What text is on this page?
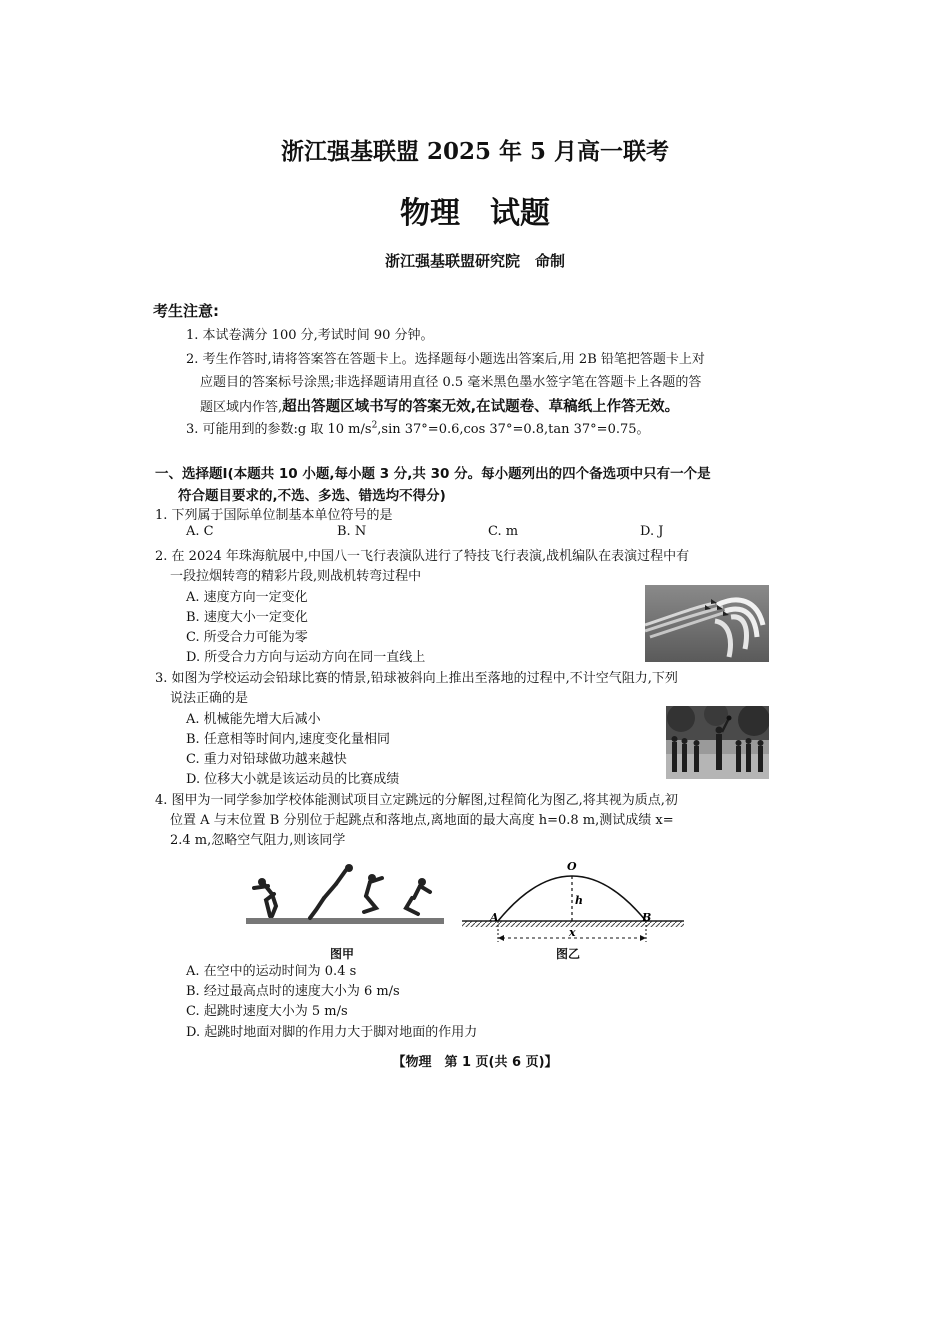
浙江强基联盟 2025 年 5 月高一联考
物理　试题
浙江强基联盟研究院　命制
考生注意:
1. 本试卷满分 100 分,考试时间 90 分钟。
2. 考生作答时,请将答案答在答题卡上。选择题每小题选出答案后,用 2B 铅笔把答题卡上对
应题目的答案标号涂黑;非选择题请用直径 0.5 毫米黑色墨水签字笔在答题卡上各题的答
题区域内作答,超出答题区域书写的答案无效,在试题卷、草稿纸上作答无效。
3. 可能用到的参数:g 取 10 $m/s^2,\sin$ 37°=0.6,cos 37°=0.8,tan 37°=0.75。
一、选择题Ⅰ(本题共 10 小题,每小题 3 分,共 30 分。每小题列出的四个备选项中只有一个是
符合题目要求的,不选、多选、错选均不得分)
1. 下列属于国际单位制基本单位符号的是
A. C	B. N	C. m	D. J
2. 在 2024 年珠海航展中,中国八一飞行表演队进行了特技飞行表演,战机编队在表演过程中有
一段拉烟转弯的精彩片段,则战机转弯过程中
A. 速度方向一定变化
B. 速度大小一定变化
C. 所受合力可能为零
D. 所受合力方向与运动方向在同一直线上
3. 如图为学校运动会铅球比赛的情景,铅球被斜向上推出至落地的过程中,不计空气阻力,下列
说法正确的是
A. 机械能先增大后减小
B. 任意相等时间内,速度变化量相同
C. 重力对铅球做功越来越快
D. 位移大小就是该运动员的比赛成绩
4. 图甲为一同学参加学校体能测试项目立定跳远的分解图,过程简化为图乙,将其视为质点,初
位置 A 与末位置 B 分别位于起跳点和落地点,离地面的最大高度 h=0.8 m,测试成绩 x=
2.4 m,忽略空气阻力,则该同学
图甲
O
h
A	B
x
图乙
A. 在空中的运动时间为 0.4 s
B. 经过最高点时的速度大小为 6 m/s
C. 起跳时速度大小为 5 m/s
D. 起跳时地面对脚的作用力大于脚对地面的作用力
【物理　第 1 页(共 6 页)】
